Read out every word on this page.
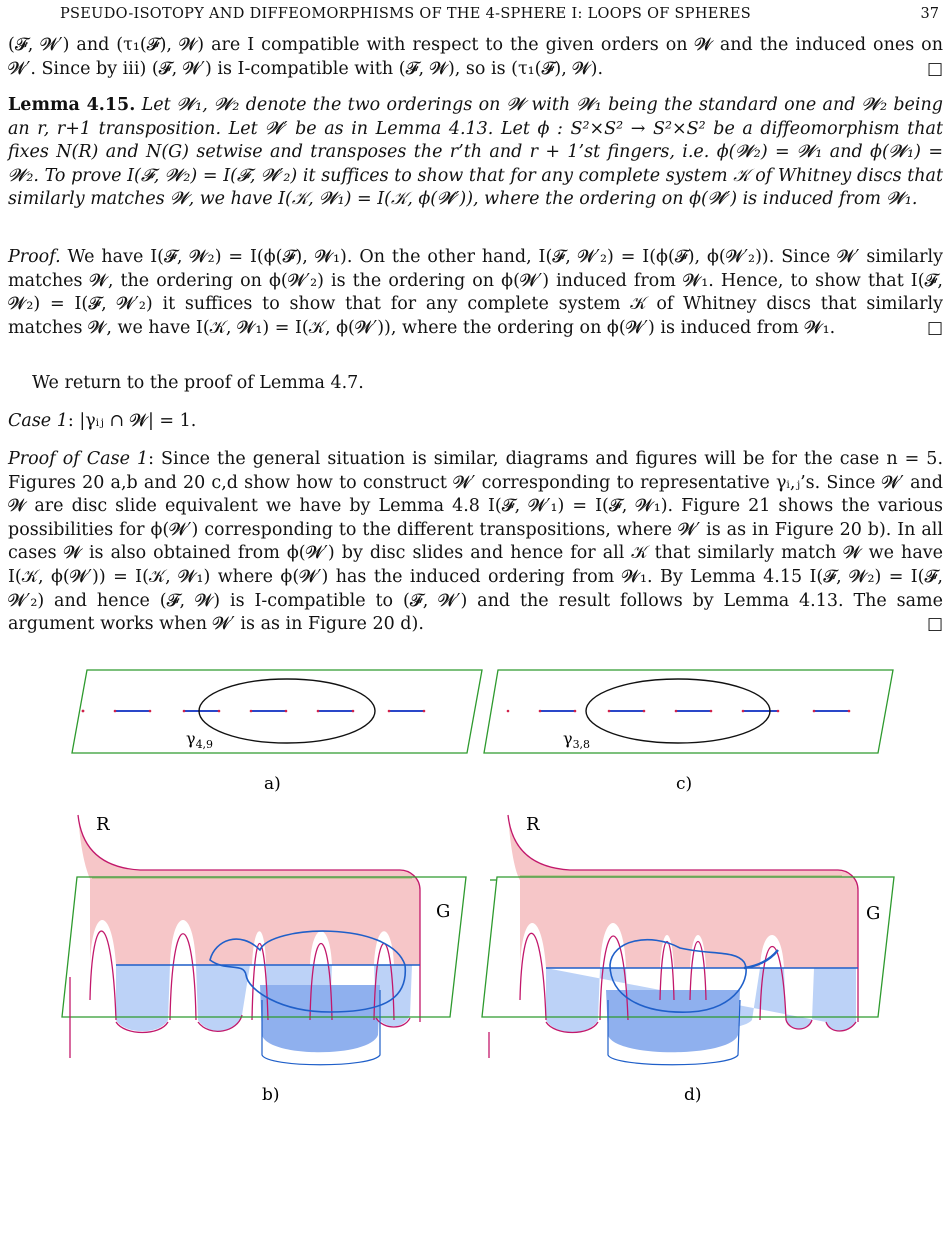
PSEUDO-ISOTOPY AND DIFFEOMORPHISMS OF THE 4-SPHERE I: LOOPS OF SPHERES	37

(𝓕, 𝓦′) and (τ₁(𝓕), 𝓦) are I compatible with respect to the given orders on 𝓦 and the induced ones on 𝓦′. Since by iii) (𝓕, 𝓦′) is I-compatible with (𝓕, 𝓦), so is (τ₁(𝓕), 𝓦).	□

Lemma 4.15. Let 𝓦₁, 𝓦₂ denote the two orderings on 𝓦 with 𝓦₁ being the standard one and 𝓦₂ being an r, r+1 transposition. Let 𝓦′ be as in Lemma 4.13. Let ϕ : S²×S² → S²×S² be a diffeomorphism that fixes N(R) and N(G) setwise and transposes the r’th and r + 1’st fingers, i.e. ϕ(𝓦₂) = 𝓦₁ and ϕ(𝓦₁) = 𝓦₂. To prove I(𝓕, 𝓦₂) = I(𝓕, 𝓦′₂) it suffices to show that for any complete system 𝒦 of Whitney discs that similarly matches 𝓦, we have I(𝒦, 𝓦₁) = I(𝒦, ϕ(𝓦′)), where the ordering on ϕ(𝓦′) is induced from 𝓦₁.

Proof. We have I(𝓕, 𝓦₂) = I(ϕ(𝓕), 𝓦₁). On the other hand, I(𝓕, 𝓦′₂) = I(ϕ(𝓕), ϕ(𝓦′₂)). Since 𝓦′ similarly matches 𝓦, the ordering on ϕ(𝓦′₂) is the ordering on ϕ(𝓦′) induced from 𝓦₁. Hence, to show that I(𝓕, 𝓦₂) = I(𝓕, 𝓦′₂) it suffices to show that for any complete system 𝒦 of Whitney discs that similarly matches 𝓦, we have I(𝒦, 𝓦₁) = I(𝒦, ϕ(𝓦′)), where the ordering on ϕ(𝓦′) is induced from 𝓦₁.	□

We return to the proof of Lemma 4.7.

Case 1: |γᵢⱼ ∩ 𝓦| = 1.

Proof of Case 1: Since the general situation is similar, diagrams and figures will be for the case n = 5. Figures 20 a,b and 20 c,d show how to construct 𝓦′ corresponding to representative γᵢ,ⱼ’s. Since 𝓦′ and 𝓦 are disc slide equivalent we have by Lemma 4.8 I(𝓕, 𝓦′₁) = I(𝓕, 𝓦₁). Figure 21 shows the various possibilities for ϕ(𝓦′) corresponding to the different transpositions, where 𝓦′ is as in Figure 20 b). In all cases 𝓦 is also obtained from ϕ(𝓦′) by disc slides and hence for all 𝒦 that similarly match 𝓦 we have I(𝒦, ϕ(𝓦′)) = I(𝒦, 𝓦₁) where ϕ(𝓦′) has the induced ordering from 𝓦₁. By Lemma 4.15 I(𝓕, 𝓦₂) = I(𝓕, 𝓦′₂) and hence (𝓕, 𝓦) is I-compatible to (𝓕, 𝓦′) and the result follows by Lemma 4.13. The same argument works when 𝓦′ is as in Figure 20 d).	□

$\gamma_{4,9}$
a)
$\gamma_{3,8}$
c)
R
G
b)
R
G
d)
